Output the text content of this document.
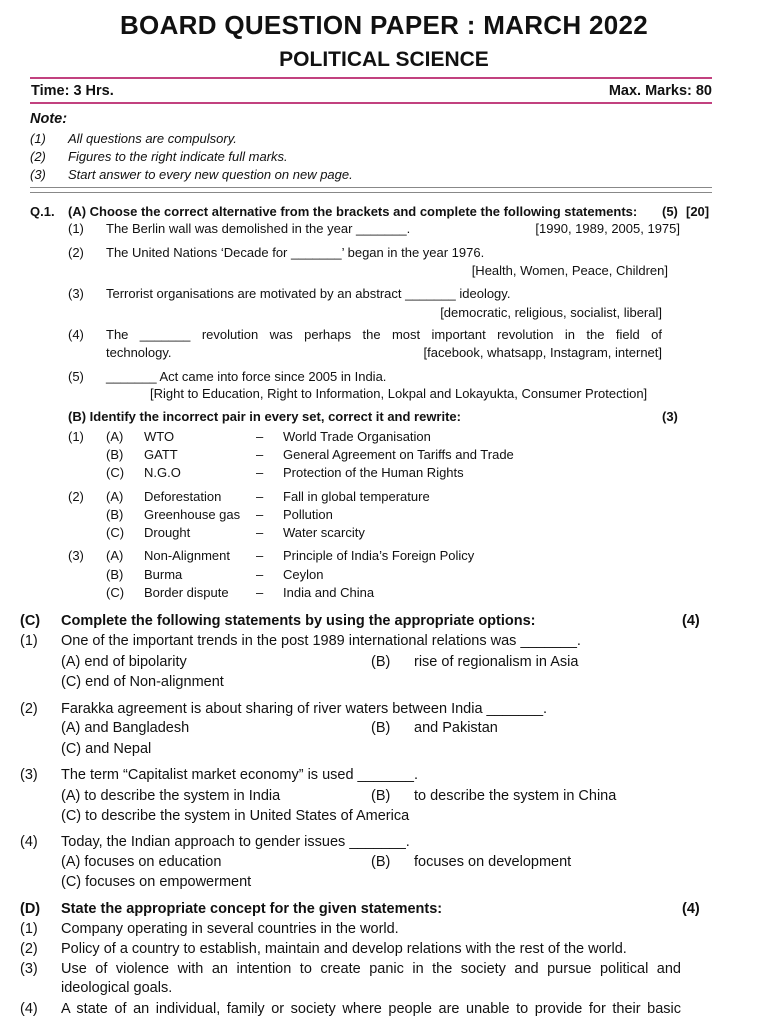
BOARD QUESTION PAPER : MARCH 2022
POLITICAL SCIENCE
Time: 3 Hrs.	Max. Marks: 80
Note:
(1) All questions are compulsory.
(2) Figures to the right indicate full marks.
(3) Start answer to every new question on new page.
Q.1. (A) Choose the correct alternative from the brackets and complete the following statements: (5) [20]
(1) The Berlin wall was demolished in the year _______.	[1990, 1989, 2005, 1975]
(2) The United Nations ‘Decade for _______’ began in the year 1976.
[Health, Women, Peace, Children]
(3) Terrorist organisations are motivated by an abstract _______ ideology.
[democratic, religious, socialist, liberal]
(4) The _______ revolution was perhaps the most important revolution in the field of
technology.	[facebook, whatsapp, Instagram, internet]
(5) _______ Act came into force since 2005 in India.
[Right to Education, Right to Information, Lokpal and Lokayukta, Consumer Protection]
(B) Identify the incorrect pair in every set, correct it and rewrite:	(3)
(1) (A) WTO	– World Trade Organisation
(B) GATT	– General Agreement on Tariffs and Trade
(C) N.G.O	– Protection of the Human Rights
(2) (A) Deforestation	– Fall in global temperature
(B) Greenhouse gas – Pollution
(C) Drought	– Water scarcity
(3) (A) Non-Alignment – Principle of India’s Foreign Policy
(B) Burma	– Ceylon
(C) Border dispute – India and China
(C) Complete the following statements by using the appropriate options:	(4)
(1) One of the important trends in the post 1989 international relations was _______.
(A) end of bipolarity	(B) rise of regionalism in Asia
(C) end of Non-alignment
(2) Farakka agreement is about sharing of river waters between India _______.
(A) and Bangladesh	(B) and Pakistan
(C) and Nepal
(3) The term “Capitalist market economy” is used _______.
(A) to describe the system in India	(B) to describe the system in China
(C) to describe the system in United States of America
(4) Today, the Indian approach to gender issues _______.
(A) focuses on education	(B) focuses on development
(C) focuses on empowerment
(D) State the appropriate concept for the given statements:	(4)
(1) Company operating in several countries in the world.
(2) Policy of a country to establish, maintain and develop relations with the rest of the world.
(3) Use of violence with an intention to create panic in the society and pursue political and
ideological goals.
(4) A state of an individual, family or society where people are unable to provide for their basic
